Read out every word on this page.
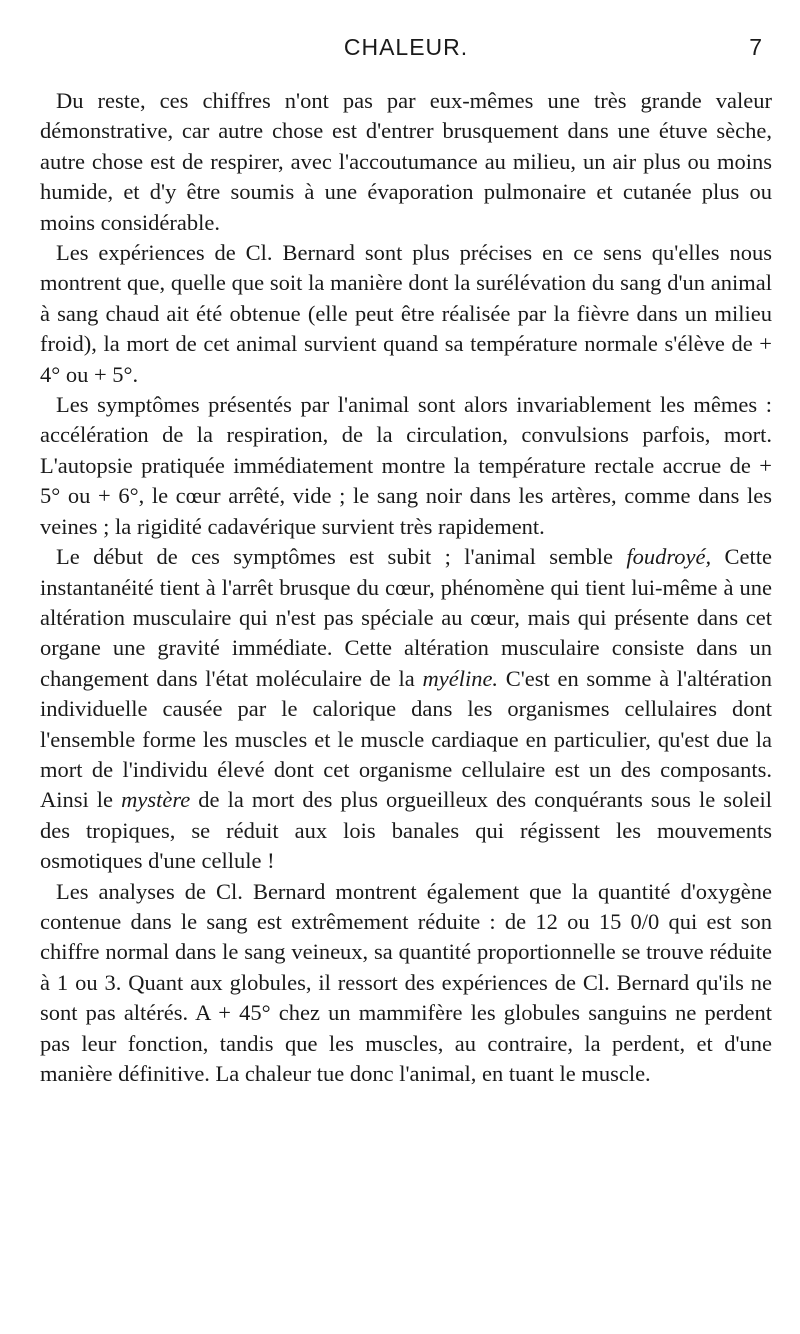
CHALEUR.	7

Du reste, ces chiffres n'ont pas par eux-mêmes une très grande valeur démonstrative, car autre chose est d'entrer brusquement dans une étuve sèche, autre chose est de respirer, avec l'accoutumance au milieu, un air plus ou moins humide, et d'y être soumis à une évaporation pulmonaire et cutanée plus ou moins considérable.

Les expériences de Cl. Bernard sont plus précises en ce sens qu'elles nous montrent que, quelle que soit la manière dont la surélévation du sang d'un animal à sang chaud ait été obtenue (elle peut être réalisée par la fièvre dans un milieu froid), la mort de cet animal survient quand sa température normale s'élève de + 4° ou + 5°.

Les symptômes présentés par l'animal sont alors invariablement les mêmes : accélération de la respiration, de la circulation, convulsions parfois, mort. L'autopsie pratiquée immédiatement montre la température rectale accrue de + 5° ou + 6°, le cœur arrêté, vide ; le sang noir dans les artères, comme dans les veines ; la rigidité cadavérique survient très rapidement.

Le début de ces symptômes est subit ; l'animal semble foudroyé, Cette instantanéité tient à l'arrêt brusque du cœur, phénomène qui tient lui-même à une altération musculaire qui n'est pas spéciale au cœur, mais qui présente dans cet organe une gravité immédiate. Cette altération musculaire consiste dans un changement dans l'état moléculaire de la myéline. C'est en somme à l'altération individuelle causée par le calorique dans les organismes cellulaires dont l'ensemble forme les muscles et le muscle cardiaque en particulier, qu'est due la mort de l'individu élevé dont cet organisme cellulaire est un des composants. Ainsi le mystère de la mort des plus orgueilleux des conquérants sous le soleil des tropiques, se réduit aux lois banales qui régissent les mouvements osmotiques d'une cellule !

Les analyses de Cl. Bernard montrent également que la quantité d'oxygène contenue dans le sang est extrêmement réduite : de 12 ou 15 0/0 qui est son chiffre normal dans le sang veineux, sa quantité proportionnelle se trouve réduite à 1 ou 3. Quant aux globules, il ressort des expériences de Cl. Bernard qu'ils ne sont pas altérés. A + 45° chez un mammifère les globules sanguins ne perdent pas leur fonction, tandis que les muscles, au contraire, la perdent, et d'une manière définitive. La chaleur tue donc l'animal, en tuant le muscle.
